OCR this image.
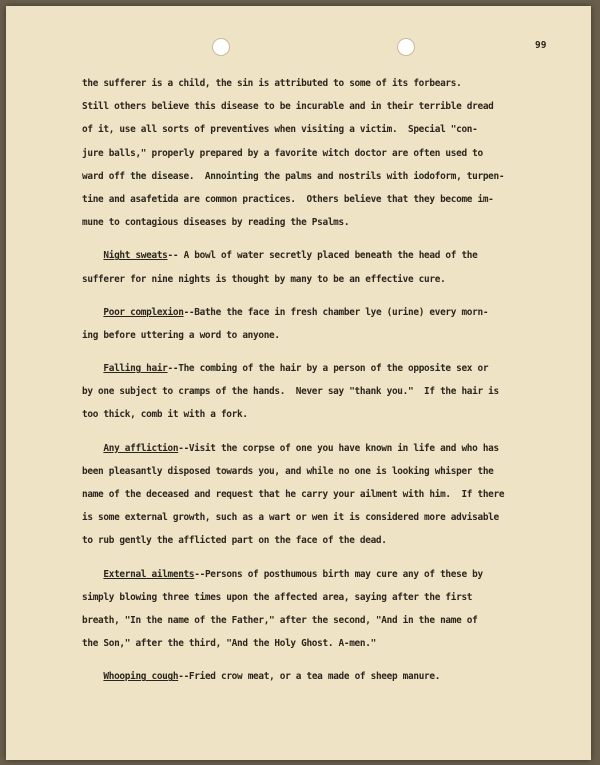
99
the sufferer is a child, the sin is attributed to some of its forbears.
Still others believe this disease to be incurable and in their terrible dread
of it, use all sorts of preventives when visiting a victim.  Special "con-
jure balls," properly prepared by a favorite witch doctor are often used to
ward off the disease.  Annointing the palms and nostrils with iodoform, turpen-
tine and asafetida are common practices.  Others believe that they become im-
mune to contagious diseases by reading the Psalms.
Night sweats-- A bowl of water secretly placed beneath the head of the
sufferer for nine nights is thought by many to be an effective cure.
Poor complexion--Bathe the face in fresh chamber lye (urine) every morn-
ing before uttering a word to anyone.
Falling hair--The combing of the hair by a person of the opposite sex or
by one subject to cramps of the hands.  Never say "thank you."  If the hair is
too thick, comb it with a fork.
Any affliction--Visit the corpse of one you have known in life and who has
been pleasantly disposed towards you, and while no one is looking whisper the
name of the deceased and request that he carry your ailment with him.  If there
is some external growth, such as a wart or wen it is considered more advisable
to rub gently the afflicted part on the face of the dead.
External ailments--Persons of posthumous birth may cure any of these by
simply blowing three times upon the affected area, saying after the first
breath, "In the name of the Father," after the second, "And in the name of
the Son," after the third, "And the Holy Ghost. A-men."
Whooping cough--Fried crow meat, or a tea made of sheep manure.
